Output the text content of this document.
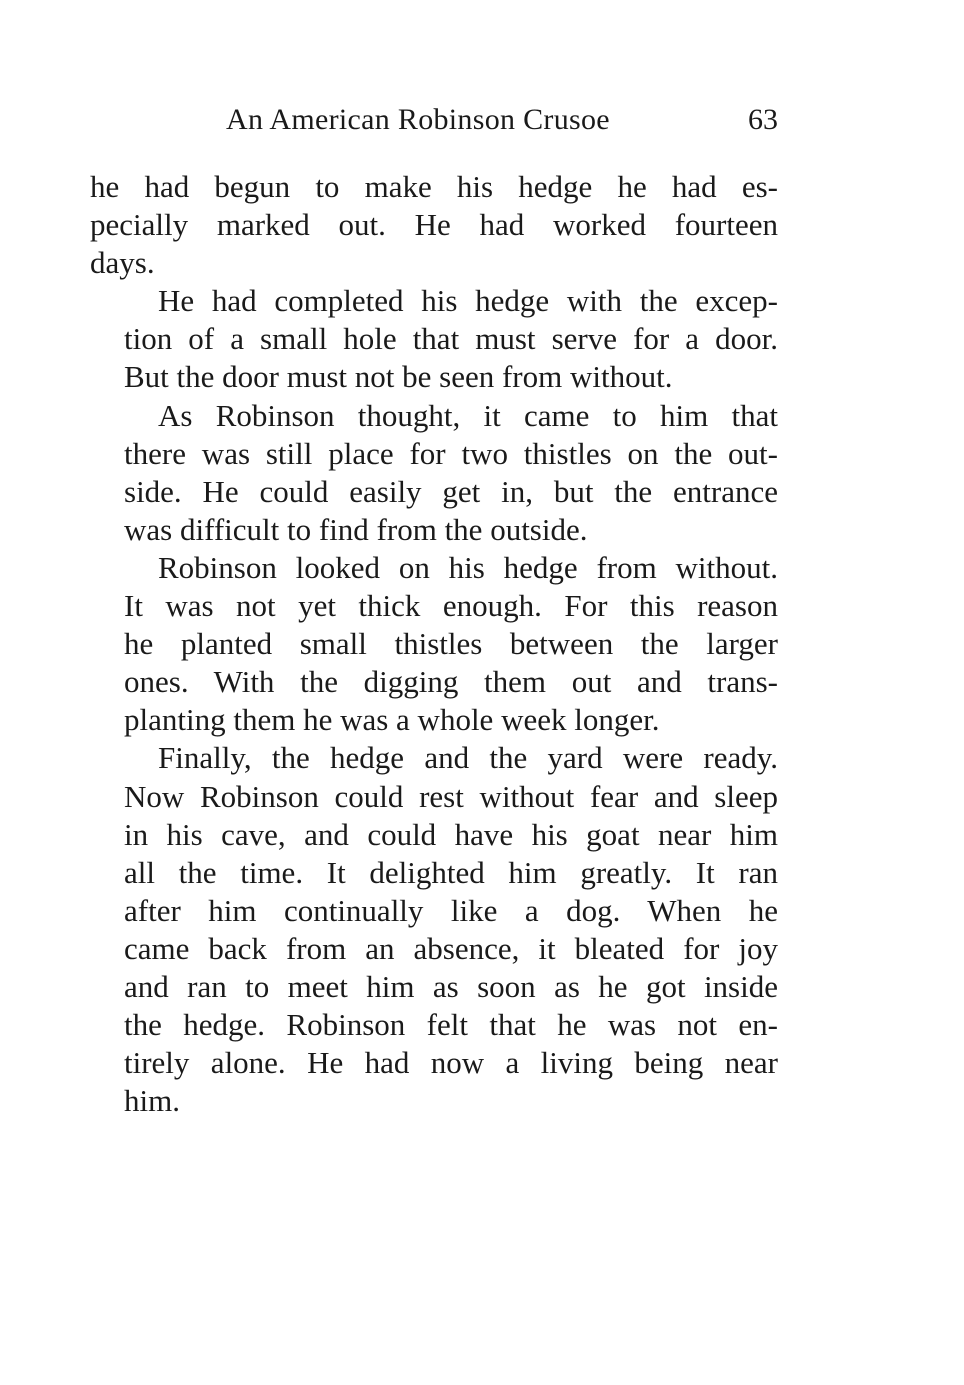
An American Robinson Crusoe	63

he had begun to make his hedge he had es-
pecially marked out. He had worked fourteen
days.

He had completed his hedge with the excep-
tion of a small hole that must serve for a door.
But the door must not be seen from without.

As Robinson thought, it came to him that
there was still place for two thistles on the out-
side. He could easily get in, but the entrance
was difficult to find from the outside.

Robinson looked on his hedge from without.
It was not yet thick enough. For this reason
he planted small thistles between the larger
ones. With the digging them out and trans-
planting them he was a whole week longer.

Finally, the hedge and the yard were ready.
Now Robinson could rest without fear and sleep
in his cave, and could have his goat near him
all the time. It delighted him greatly. It ran
after him continually like a dog. When he
came back from an absence, it bleated for joy
and ran to meet him as soon as he got inside
the hedge. Robinson felt that he was not en-
tirely alone. He had now a living being near
him.
